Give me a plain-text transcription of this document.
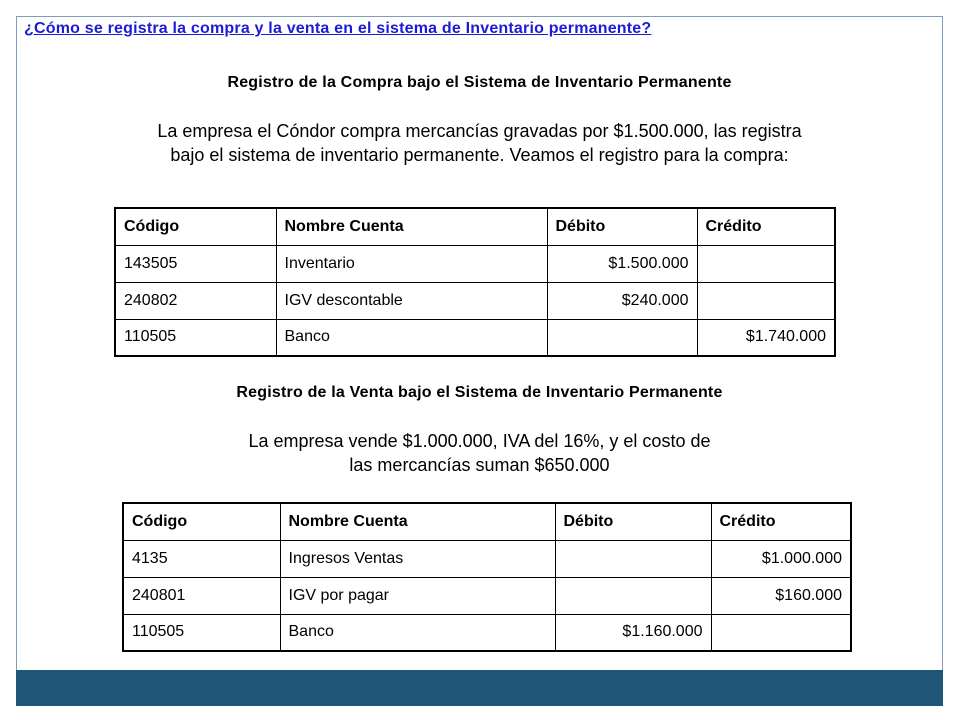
¿Cómo se registra la compra y la venta en el sistema de Inventario permanente?
Registro de la Compra bajo el Sistema de Inventario Permanente
La empresa el Cóndor compra mercancías gravadas por $1.500.000, las registra
bajo el sistema de inventario permanente. Veamos el registro para la compra:
Código	Nombre Cuenta	Débito	Crédito
143505	Inventario	$1.500.000	
240802	IGV descontable	$240.000	
110505	Banco		$1.740.000
Registro de la Venta bajo el Sistema de Inventario Permanente
La empresa vende $1.000.000, IVA del 16%, y el costo de
las mercancías suman $650.000
Código	Nombre Cuenta	Débito	Crédito
4135	Ingresos Ventas		$1.000.000
240801	IGV por pagar		$160.000
110505	Banco	$1.160.000	
